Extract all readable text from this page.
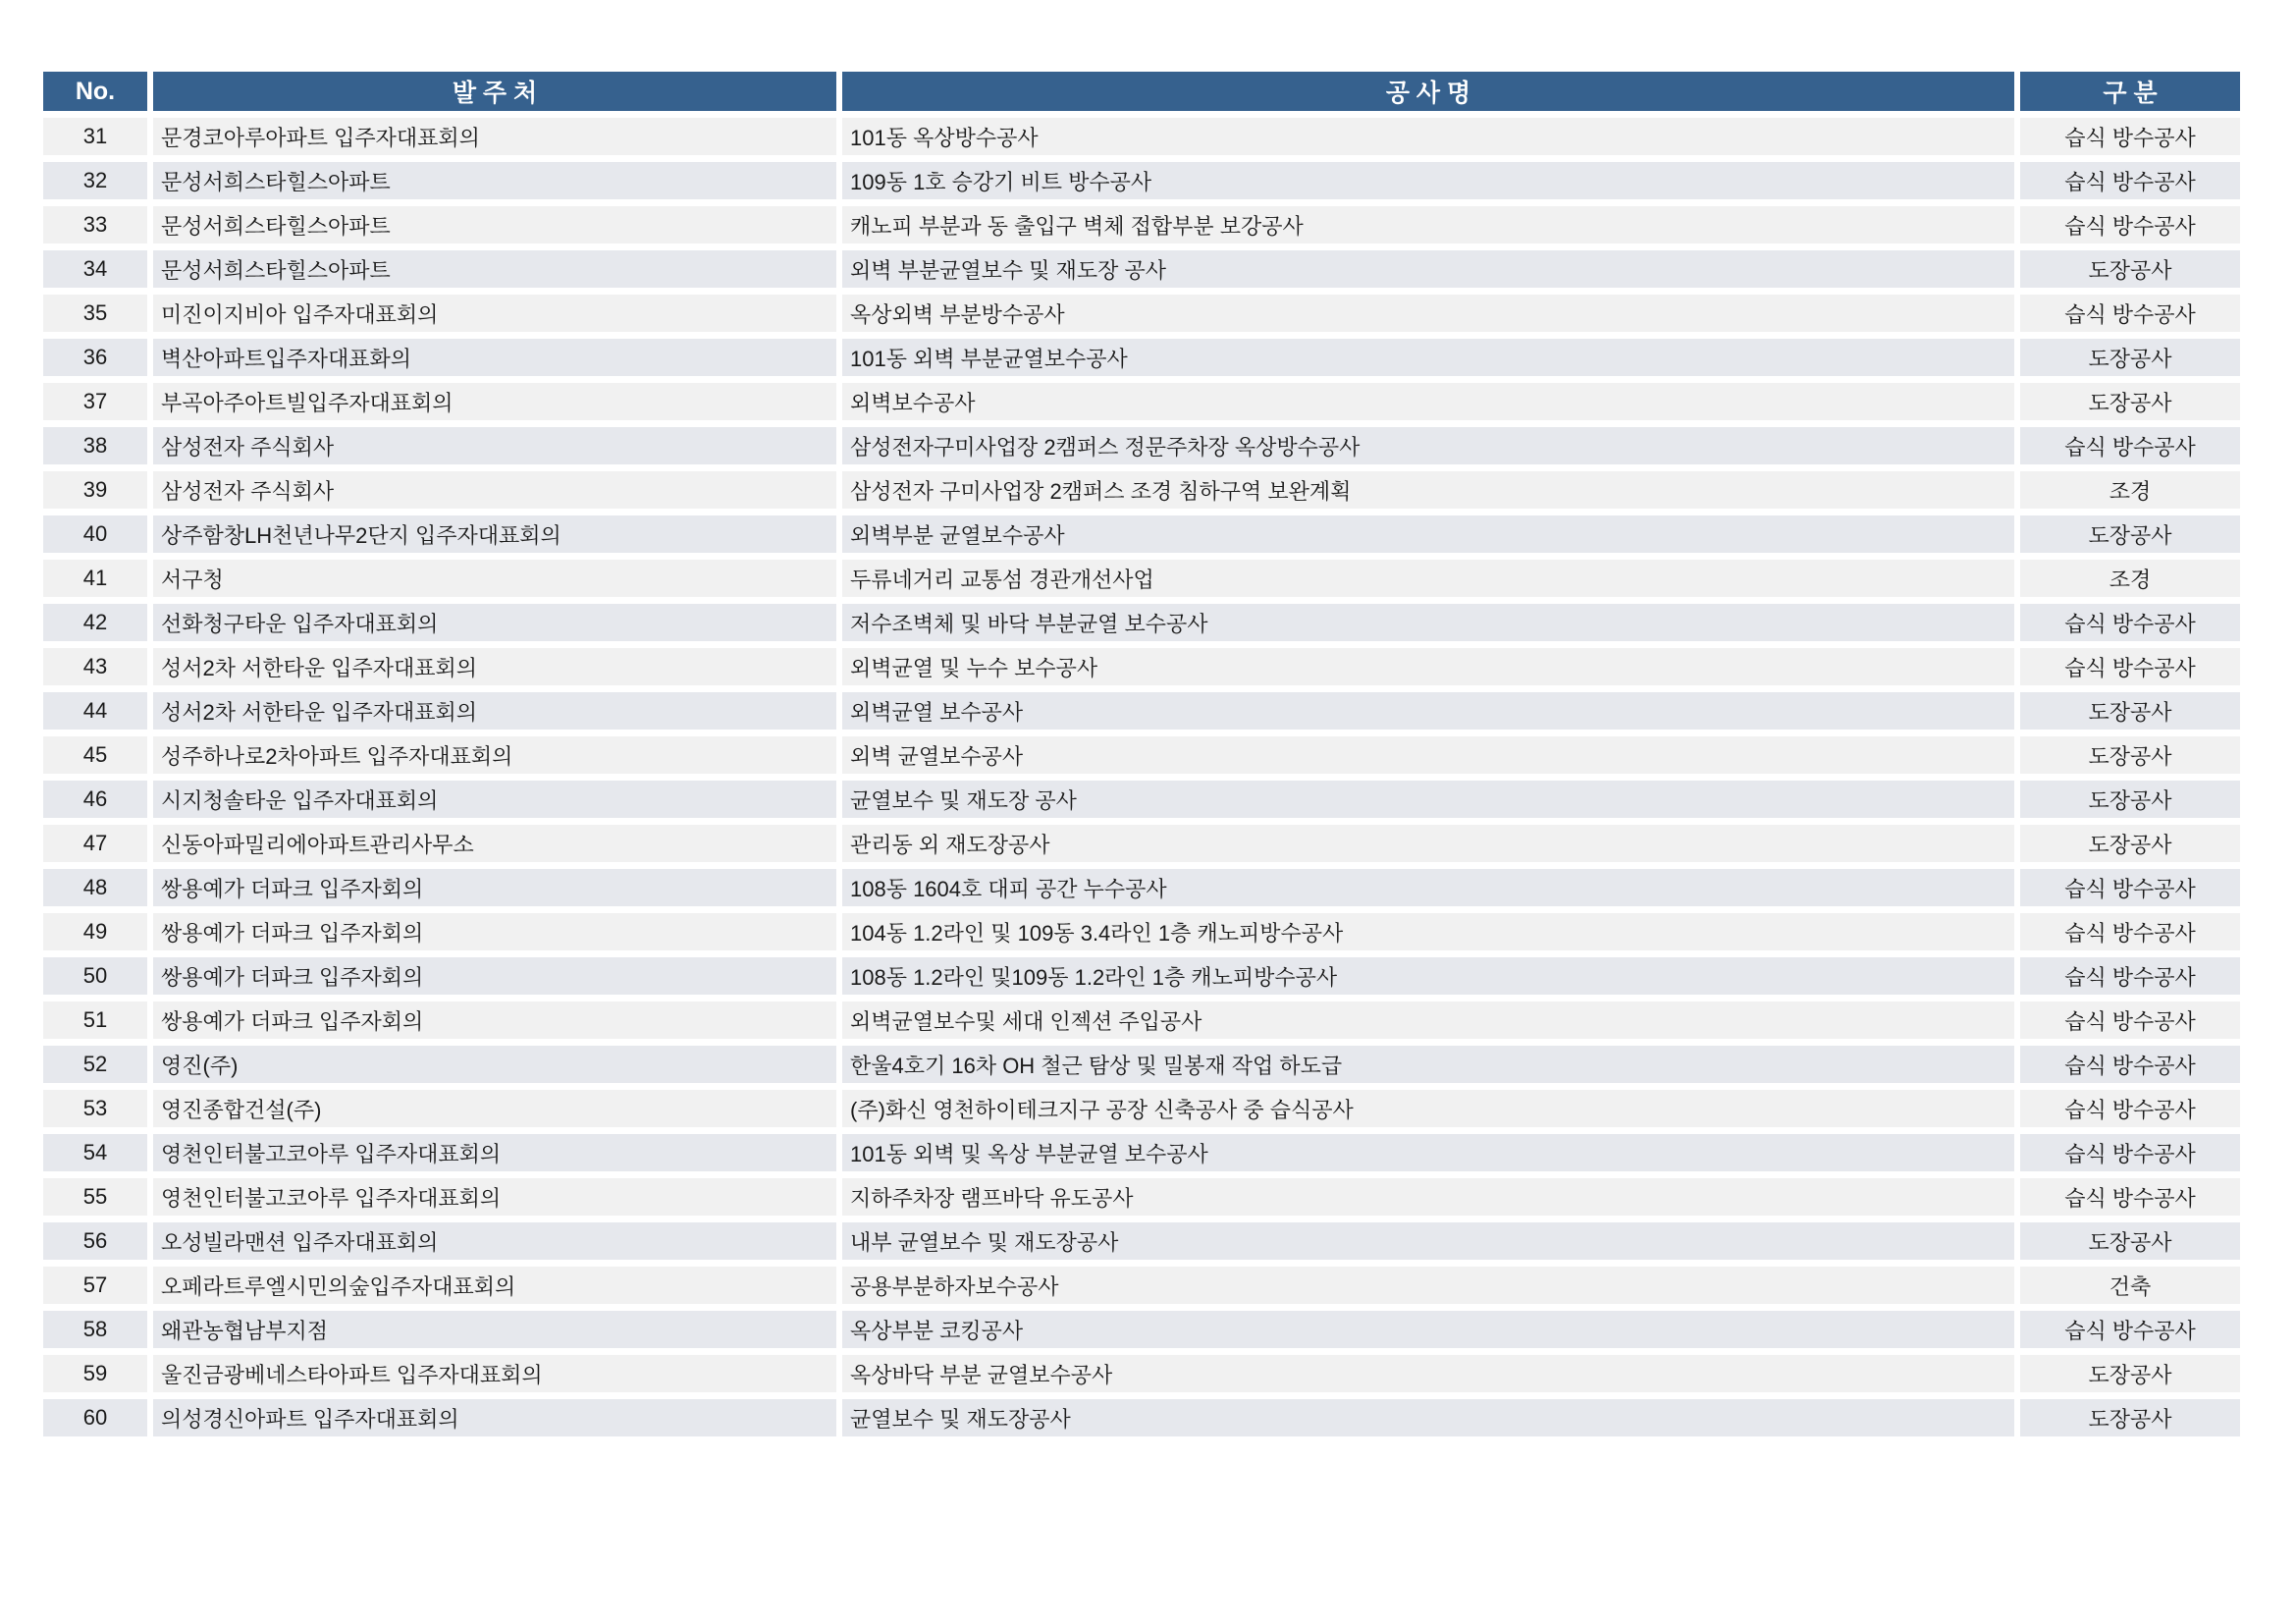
No.	발 주 처	공 사 명	구 분
31	문경코아루아파트 입주자대표회의	101동 옥상방수공사	습식 방수공사
32	문성서희스타힐스아파트	109동 1호 승강기 비트 방수공사	습식 방수공사
33	문성서희스타힐스아파트	캐노피 부분과 동 출입구 벽체 접합부분 보강공사	습식 방수공사
34	문성서희스타힐스아파트	외벽 부분균열보수 및 재도장 공사	도장공사
35	미진이지비아 입주자대표회의	옥상외벽 부분방수공사	습식 방수공사
36	벽산아파트입주자대표화의	101동 외벽 부분균열보수공사	도장공사
37	부곡아주아트빌입주자대표회의	외벽보수공사	도장공사
38	삼성전자 주식회사	삼성전자구미사업장 2캠퍼스 정문주차장 옥상방수공사	습식 방수공사
39	삼성전자 주식회사	삼성전자 구미사업장 2캠퍼스 조경 침하구역 보완계획	조경
40	상주함창LH천년나무2단지 입주자대표회의	외벽부분 균열보수공사	도장공사
41	서구청	두류네거리 교통섬 경관개선사업	조경
42	선화청구타운 입주자대표회의	저수조벽체 및 바닥 부분균열 보수공사	습식 방수공사
43	성서2차 서한타운 입주자대표회의	외벽균열 및 누수 보수공사	습식 방수공사
44	성서2차 서한타운 입주자대표회의	외벽균열 보수공사	도장공사
45	성주하나로2차아파트 입주자대표회의	외벽 균열보수공사	도장공사
46	시지청솔타운 입주자대표회의	균열보수 및 재도장 공사	도장공사
47	신동아파밀리에아파트관리사무소	관리동 외 재도장공사	도장공사
48	쌍용예가 더파크 입주자회의	108동 1604호 대피 공간 누수공사	습식 방수공사
49	쌍용예가 더파크 입주자회의	104동 1.2라인 및 109동 3.4라인 1층 캐노피방수공사	습식 방수공사
50	쌍용예가 더파크 입주자회의	108동 1.2라인 및109동 1.2라인 1층 캐노피방수공사	습식 방수공사
51	쌍용예가 더파크 입주자회의	외벽균열보수및 세대 인젝션 주입공사	습식 방수공사
52	영진(주)	한울4호기 16차 OH 철근 탐상 및 밀봉재 작업 하도급	습식 방수공사
53	영진종합건설(주)	(주)화신 영천하이테크지구 공장 신축공사 중 습식공사	습식 방수공사
54	영천인터불고코아루 입주자대표회의	101동 외벽 및 옥상 부분균열 보수공사	습식 방수공사
55	영천인터불고코아루 입주자대표회의	지하주차장 램프바닥 유도공사	습식 방수공사
56	오성빌라맨션 입주자대표회의	내부 균열보수 및 재도장공사	도장공사
57	오페라트루엘시민의숲입주자대표회의	공용부분하자보수공사	건축
58	왜관농협남부지점	옥상부분 코킹공사	습식 방수공사
59	울진금광베네스타아파트 입주자대표회의	옥상바닥 부분 균열보수공사	도장공사
60	의성경신아파트 입주자대표회의	균열보수 및 재도장공사	도장공사
